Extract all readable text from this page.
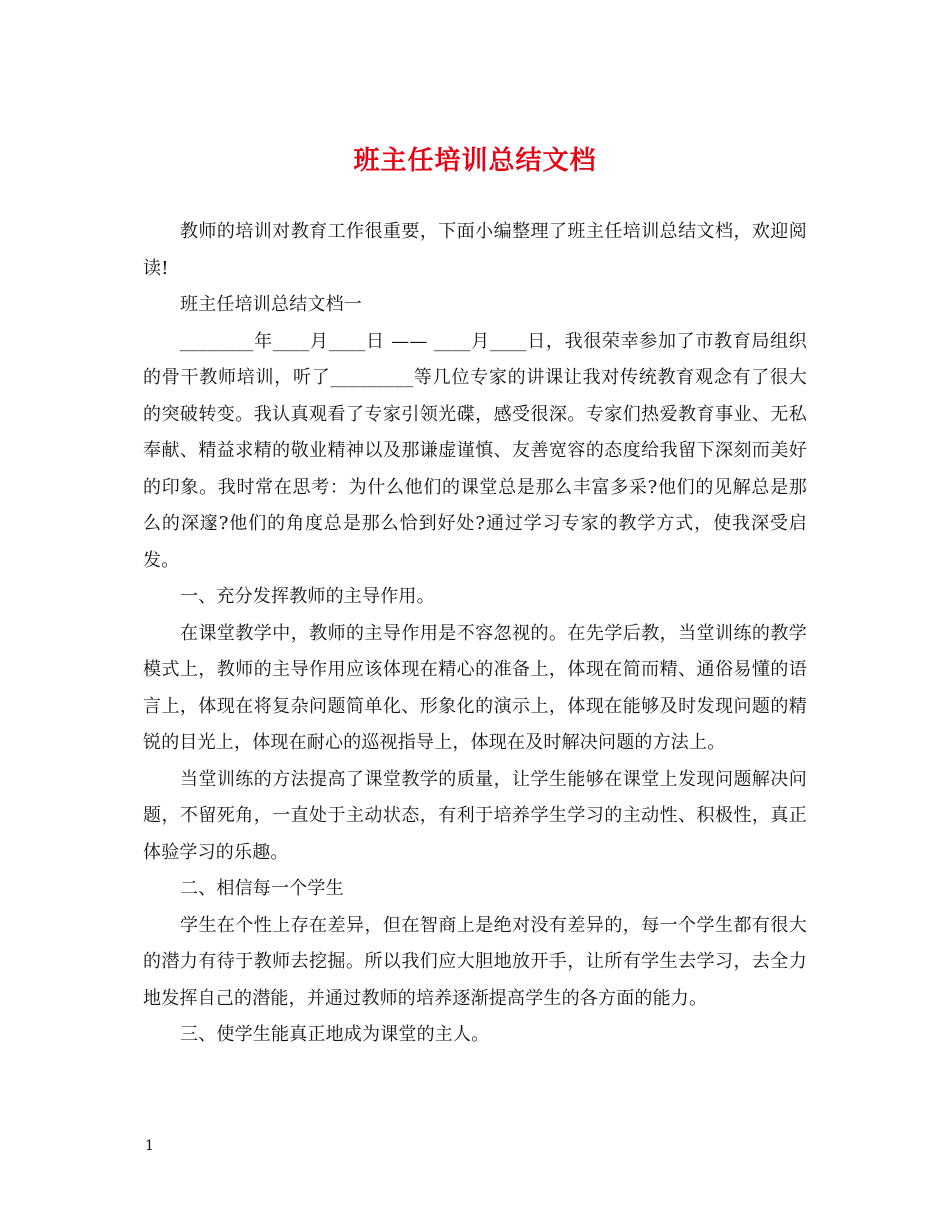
班主任培训总结文档

教师的培训对教育工作很重要，下面小编整理了班主任培训总结文档，欢迎阅读!

班主任培训总结文档一

________年____月____日 —— ____月____日，我很荣幸参加了市教育局组织的骨干教师培训，听了_________等几位专家的讲课让我对传统教育观念有了很大的突破转变。我认真观看了专家引领光碟，感受很深。专家们热爱教育事业、无私奉献、精益求精的敬业精神以及那谦虚谨慎、友善宽容的态度给我留下深刻而美好的印象。我时常在思考：为什么他们的课堂总是那么丰富多采?他们的见解总是那么的深邃?他们的角度总是那么恰到好处?通过学习专家的教学方式，使我深受启发。

一、充分发挥教师的主导作用。

在课堂教学中，教师的主导作用是不容忽视的。在先学后教，当堂训练的教学模式上，教师的主导作用应该体现在精心的准备上，体现在简而精、通俗易懂的语言上，体现在将复杂问题简单化、形象化的演示上，体现在能够及时发现问题的精锐的目光上，体现在耐心的巡视指导上，体现在及时解决问题的方法上。

当堂训练的方法提高了课堂教学的质量，让学生能够在课堂上发现问题解决问题，不留死角，一直处于主动状态，有利于培养学生学习的主动性、积极性，真正体验学习的乐趣。

二、相信每一个学生

学生在个性上存在差异，但在智商上是绝对没有差异的，每一个学生都有很大的潜力有待于教师去挖掘。所以我们应大胆地放开手，让所有学生去学习，去全力地发挥自己的潜能，并通过教师的培养逐渐提高学生的各方面的能力。

三、使学生能真正地成为课堂的主人。

1
